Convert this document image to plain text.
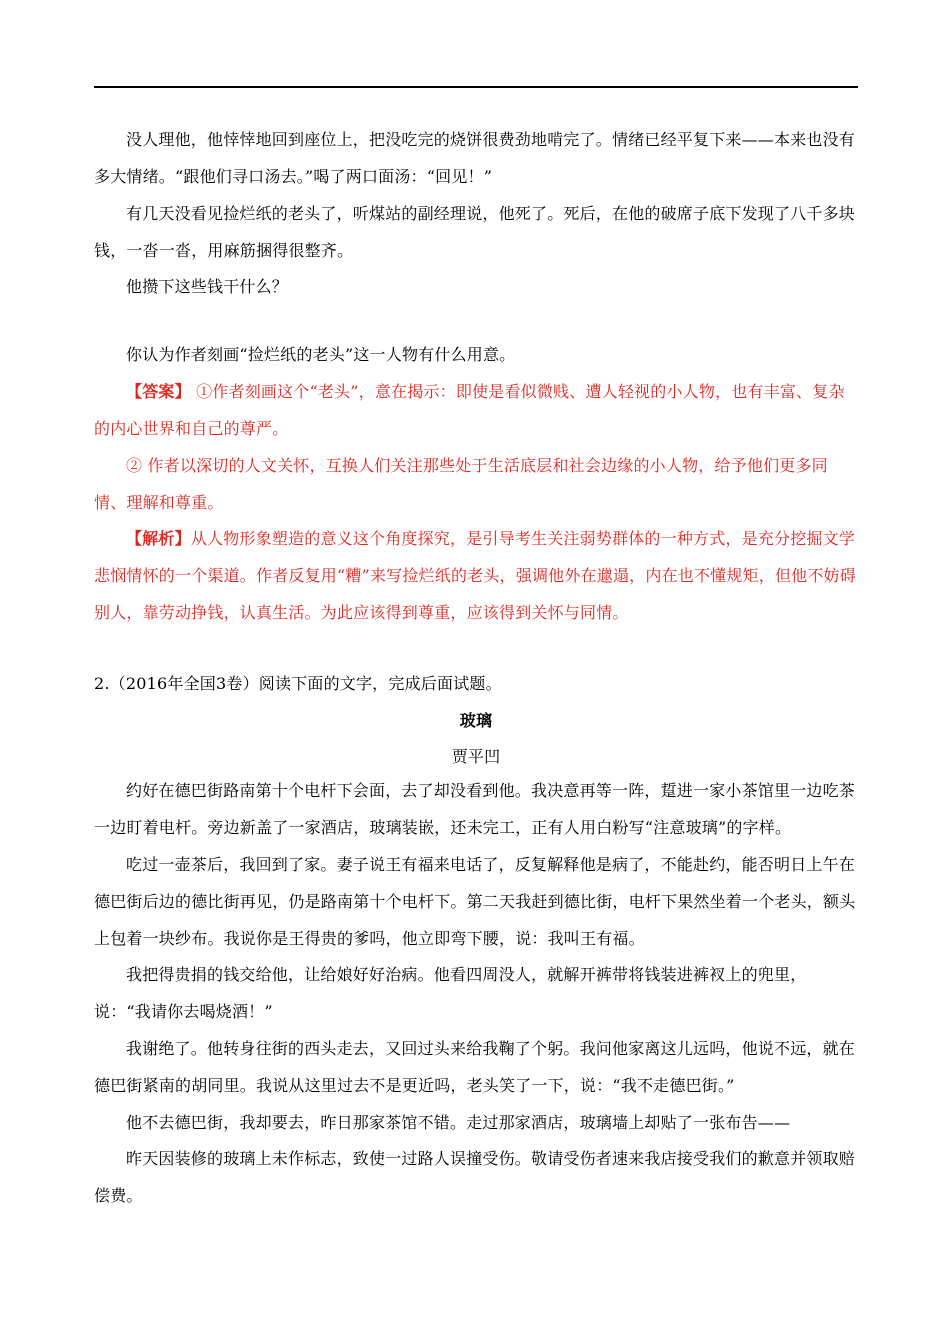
没人理他，他悻悻地回到座位上，把没吃完的烧饼很费劲地啃完了。情绪已经平复下来——本来也没有多大情绪。“跟他们寻口汤去。”喝了两口面汤：“回见！”

有几天没看见捡烂纸的老头了，听煤站的副经理说，他死了。死后，在他的破席子底下发现了八千多块钱，一沓一沓，用麻筋捆得很整齐。

他攒下这些钱干什么？

你认为作者刻画“捡烂纸的老头”这一人物有什么用意。

【答案】 ①作者刻画这个“老头”，意在揭示：即使是看似微贱、遭人轻视的小人物，也有丰富、复杂的内心世界和自己的尊严。

② 作者以深切的人文关怀，互换人们关注那些处于生活底层和社会边缘的小人物，给予他们更多同情、理解和尊重。

【解析】从人物形象塑造的意义这个角度探究，是引导考生关注弱势群体的一种方式，是充分挖掘文学悲悯情怀的一个渠道。作者反复用“糟”来写捡烂纸的老头，强调他外在邋遢，内在也不懂规矩，但他不妨碍别人，靠劳动挣钱，认真生活。为此应该得到尊重，应该得到关怀与同情。

2.（2016年全国3卷）阅读下面的文字，完成后面试题。

玻璃

贾平凹

约好在德巴街路南第十个电杆下会面，去了却没看到他。我决意再等一阵，踅进一家小茶馆里一边吃茶一边盯着电杆。旁边新盖了一家酒店，玻璃装嵌，还未完工，正有人用白粉写“注意玻璃”的字样。

吃过一壶茶后，我回到了家。妻子说王有福来电话了，反复解释他是病了，不能赴约，能否明日上午在德巴街后边的德比街再见，仍是路南第十个电杆下。第二天我赶到德比街，电杆下果然坐着一个老头，额头上包着一块纱布。我说你是王得贵的爹吗，他立即弯下腰，说：我叫王有福。

我把得贵捐的钱交给他，让给娘好好治病。他看四周没人，就解开裤带将钱装进裤衩上的兜里，说：“我请你去喝烧酒！”

我谢绝了。他转身往街的西头走去，又回过头来给我鞠了个躬。我问他家离这儿远吗，他说不远，就在德巴街紧南的胡同里。我说从这里过去不是更近吗，老头笑了一下，说：“我不走德巴街。”

他不去德巴街，我却要去，昨日那家茶馆不错。走过那家酒店，玻璃墙上却贴了一张布告——

昨天因装修的玻璃上未作标志，致使一过路人误撞受伤。敬请受伤者速来我店接受我们的歉意并领取赔偿费。
